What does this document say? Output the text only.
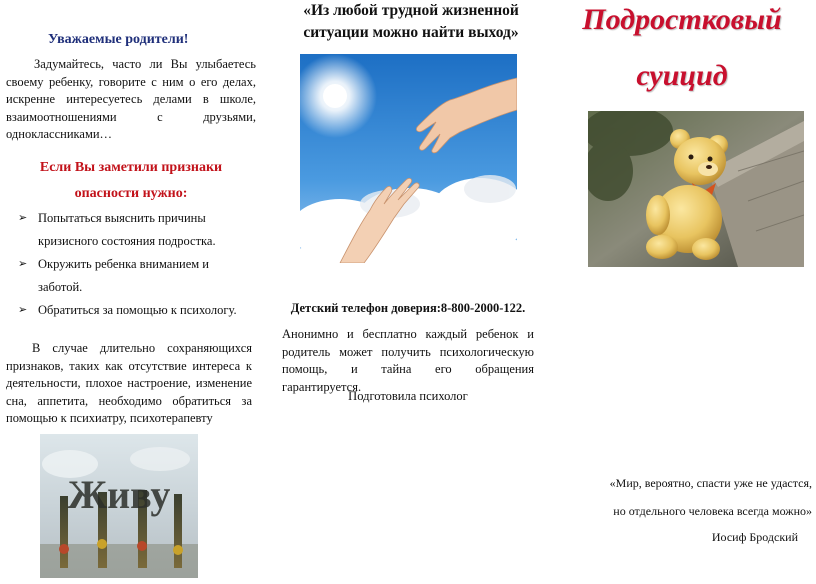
Уважаемые родители!
Задумайтесь, часто ли Вы улыбаетесь своему ребенку, говорите с ним о его делах, искренне интересуетесь делами в школе, взаимоотношениями с друзьями, одноклассниками…
Если Вы заметили признаки
опасности нужно:
➢ Попытаться выяснить причины
кризисного состояния подростка.
➢ Окружить ребенка вниманием и
заботой.
➢ Обратиться за помощью к психологу.
В случае длительно сохраняющихся признаков, таких как отсутствие интереса к деятельности, плохое настроение, изменение сна, аппетита, необходимо обратиться за помощью к психиатру, психотерапевту
Живу
«Из любой трудной жизненной ситуации можно найти выход»
Детский телефон доверия:8-800-2000-122.
Анонимно и бесплатно каждый ребенок и родитель может получить психологическую помощь, и тайна его обращения гарантируется.
Подготовила психолог
Подростковый
суицид
«Мир, вероятно, спасти уже не удастся,
но отдельного человека всегда можно»
Иосиф Бродский
